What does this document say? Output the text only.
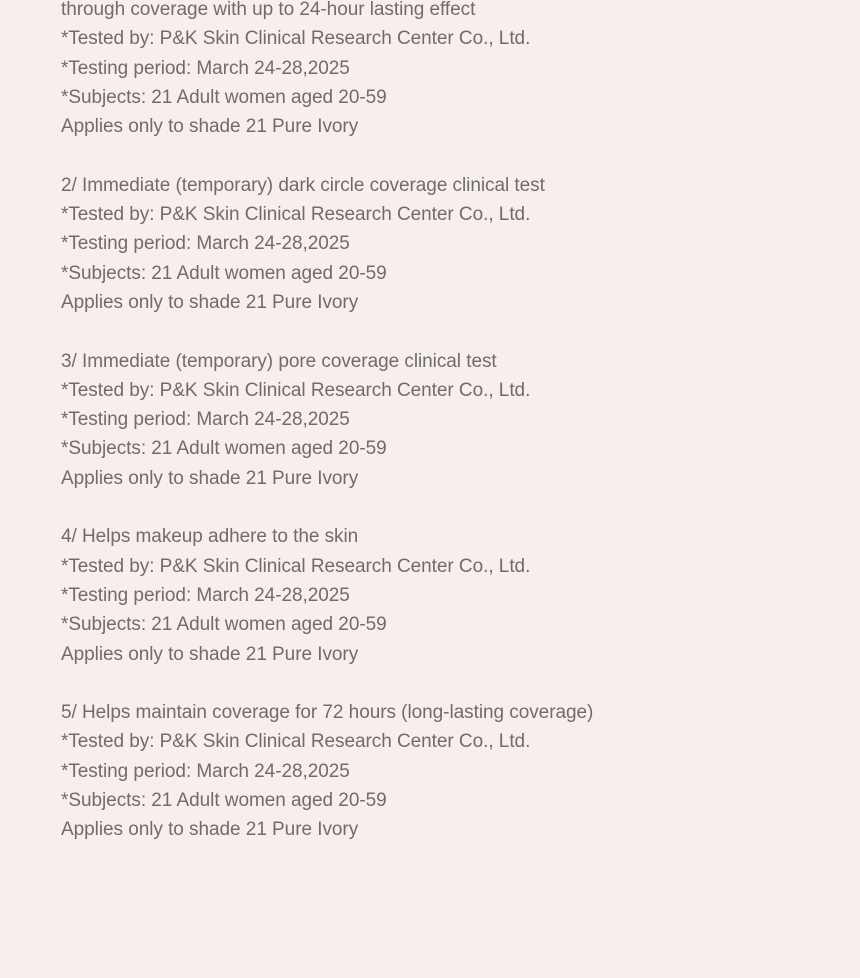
through coverage with up to 24-hour lasting effect
*Tested by: P&K Skin Clinical Research Center Co., Ltd.
*Testing period: March 24-28,2025
*Subjects: 21 Adult women aged 20-59
Applies only to shade 21 Pure Ivory
2/ Immediate (temporary) dark circle coverage clinical test
*Tested by: P&K Skin Clinical Research Center Co., Ltd.
*Testing period: March 24-28,2025
*Subjects: 21 Adult women aged 20-59
Applies only to shade 21 Pure Ivory
3/ Immediate (temporary) pore coverage clinical test
*Tested by: P&K Skin Clinical Research Center Co., Ltd.
*Testing period: March 24-28,2025
*Subjects: 21 Adult women aged 20-59
Applies only to shade 21 Pure Ivory
4/ Helps makeup adhere to the skin
*Tested by: P&K Skin Clinical Research Center Co., Ltd.
*Testing period: March 24-28,2025
*Subjects: 21 Adult women aged 20-59
Applies only to shade 21 Pure Ivory
5/ Helps maintain coverage for 72 hours (long-lasting coverage)
*Tested by: P&K Skin Clinical Research Center Co., Ltd.
*Testing period: March 24-28,2025
*Subjects: 21 Adult women aged 20-59
Applies only to shade 21 Pure Ivory
